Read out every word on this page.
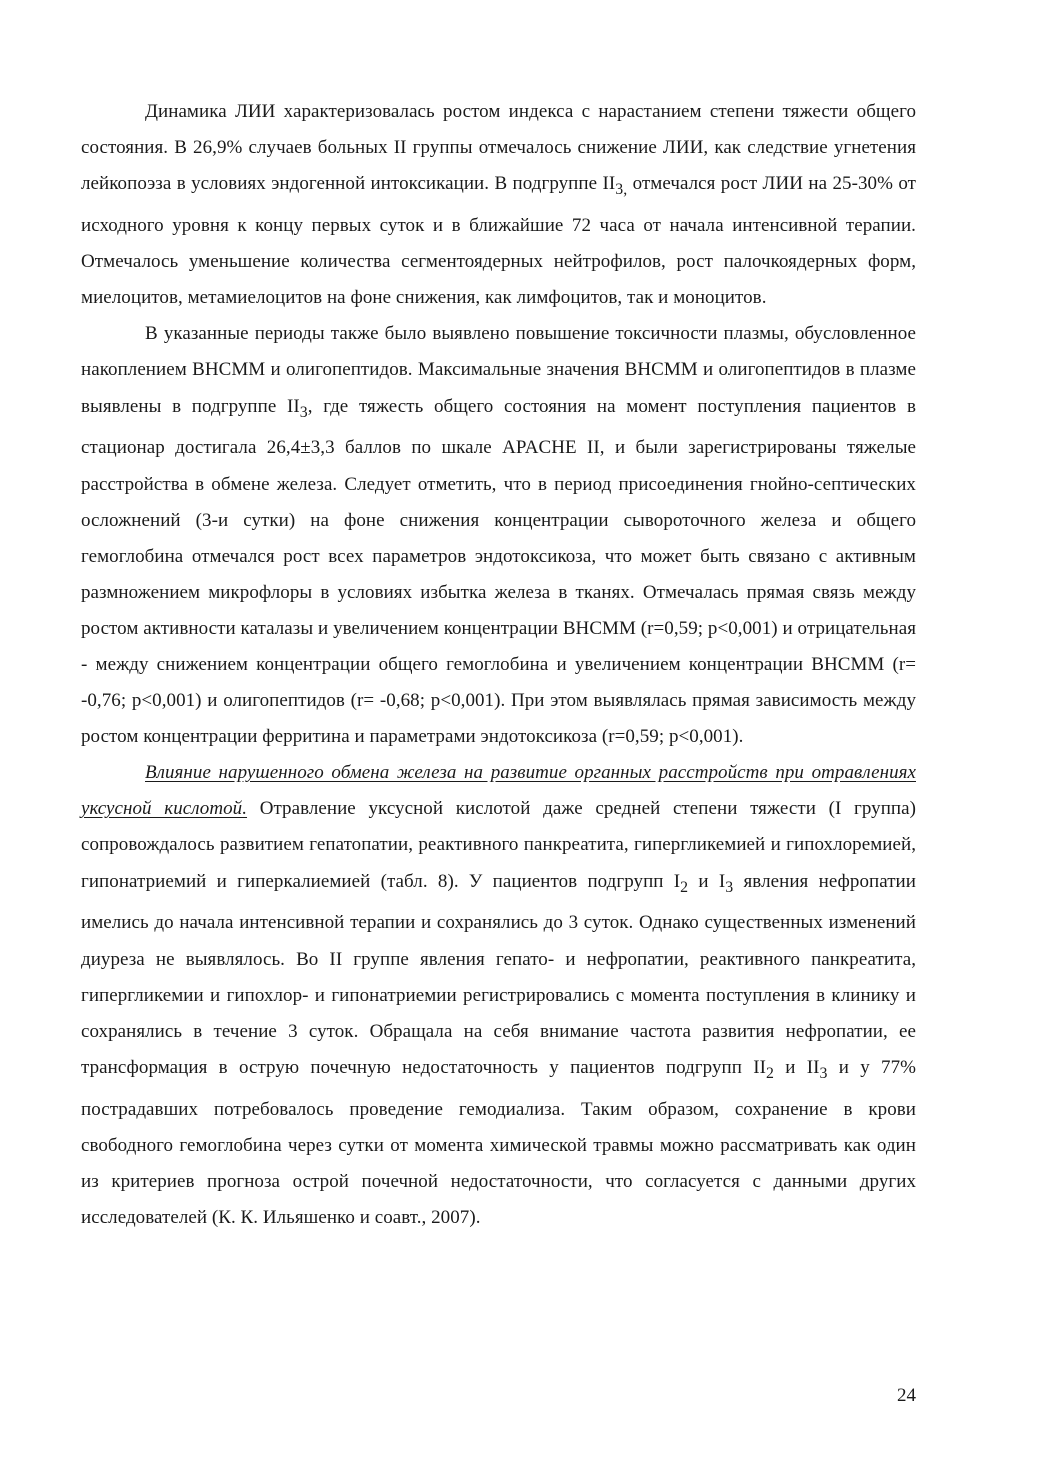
Динамика ЛИИ характеризовалась ростом индекса с нарастанием степени тяжести общего состояния. В 26,9% случаев больных II группы отмечалось снижение ЛИИ, как следствие угнетения лейкопоэза в условиях эндогенной интоксикации. В подгруппе $II_{3,}$ отмечался рост ЛИИ на 25-30% от исходного уровня к концу первых суток и в ближайшие 72 часа от начала интенсивной терапии. Отмечалось уменьшение количества сегментоядерных нейтрофилов, рост палочкоядерных форм, миелоцитов, метамиелоцитов на фоне снижения, как лимфоцитов, так и моноцитов.

В указанные периоды также было выявлено повышение токсичности плазмы, обусловленное накоплением ВНСММ и олигопептидов. Максимальные значения ВНСММ и олигопептидов в плазме выявлены в подгруппе $II_3$, где тяжесть общего состояния на момент поступления пациентов в стационар достигала 26,4±3,3 баллов по шкале APACHE II, и были зарегистрированы тяжелые расстройства в обмене железа. Следует отметить, что в период присоединения гнойно-септических осложнений (3-и сутки) на фоне снижения концентрации сывороточного железа и общего гемоглобина отмечался рост всех параметров эндотоксикоза, что может быть связано с активным размножением микрофлоры в условиях избытка железа в тканях. Отмечалась прямая связь между ростом активности каталазы и увеличением концентрации ВНСММ (r=0,59; p<0,001) и отрицательная - между снижением концентрации общего гемоглобина и увеличением концентрации ВНСММ (r= -0,76; p<0,001) и олигопептидов (r= -0,68; p<0,001). При этом выявлялась прямая зависимость между ростом концентрации ферритина и параметрами эндотоксикоза (r=0,59; p<0,001).

Влияние нарушенного обмена железа на развитие органных расстройств при отравлениях уксусной кислотой. Отравление уксусной кислотой даже средней степени тяжести (I группа) сопровождалось развитием гепатопатии, реактивного панкреатита, гипергликемией и гипохлоремией, гипонатриемий и гиперкалиемией (табл. 8). У пациентов подгрупп $I_2$ и $I_3$ явления нефропатии имелись до начала интенсивной терапии и сохранялись до 3 суток. Однако существенных изменений диуреза не выявлялось. Во II группе явления гепато- и нефропатии, реактивного панкреатита, гипергликемии и гипохлор- и гипонатриемии регистрировались с момента поступления в клинику и сохранялись в течение 3 суток. Обращала на себя внимание частота развития нефропатии, ее трансформация в острую почечную недостаточность у пациентов подгрупп $II_2$ и $II_3$ и у 77% пострадавших потребовалось проведение гемодиализа. Таким образом, сохранение в крови свободного гемоглобина через сутки от момента химической травмы можно рассматривать как один из критериев прогноза острой почечной недостаточности, что согласуется с данными других исследователей (К. К. Ильяшенко и соавт., 2007).

24
